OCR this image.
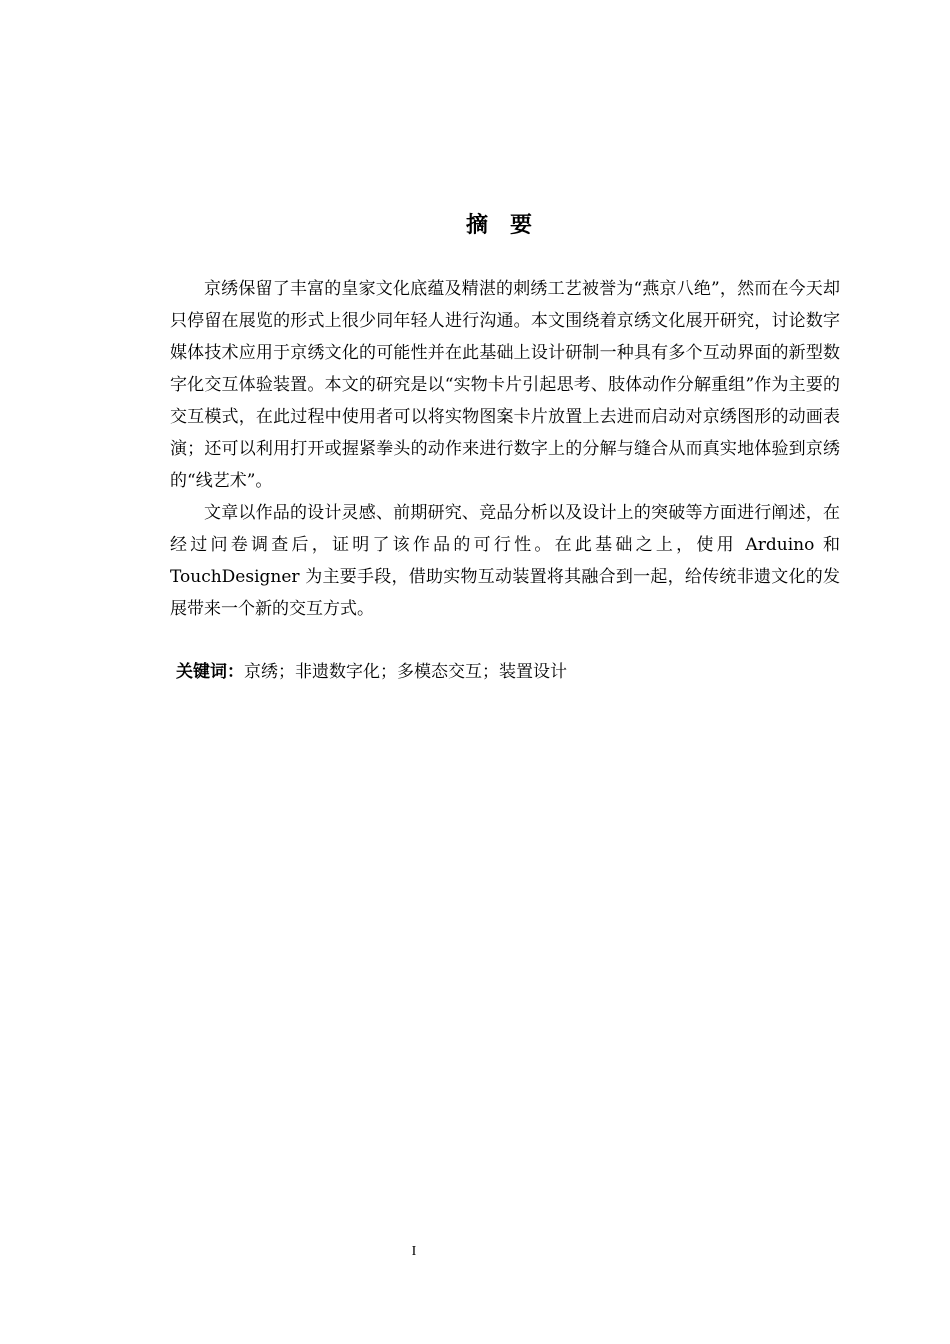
摘 要

京绣保留了丰富的皇家文化底蕴及精湛的刺绣工艺被誉为“燕京八绝”，然而在今天却只停留在展览的形式上很少同年轻人进行沟通。本文围绕着京绣文化展开研究，讨论数字媒体技术应用于京绣文化的可能性并在此基础上设计研制一种具有多个互动界面的新型数字化交互体验装置。本文的研究是以“实物卡片引起思考、肢体动作分解重组”作为主要的交互模式，在此过程中使用者可以将实物图案卡片放置上去进而启动对京绣图形的动画表演；还可以利用打开或握紧拳头的动作来进行数字上的分解与缝合从而真实地体验到京绣的“线艺术”。

文章以作品的设计灵感、前期研究、竞品分析以及设计上的突破等方面进行阐述，在经过问卷调查后，证明了该作品的可行性。在此基础之上，使用 Arduino 和 TouchDesigner 为主要手段，借助实物互动装置将其融合到一起，给传统非遗文化的发展带来一个新的交互方式。

关键词：京绣；非遗数字化；多模态交互；装置设计
I
